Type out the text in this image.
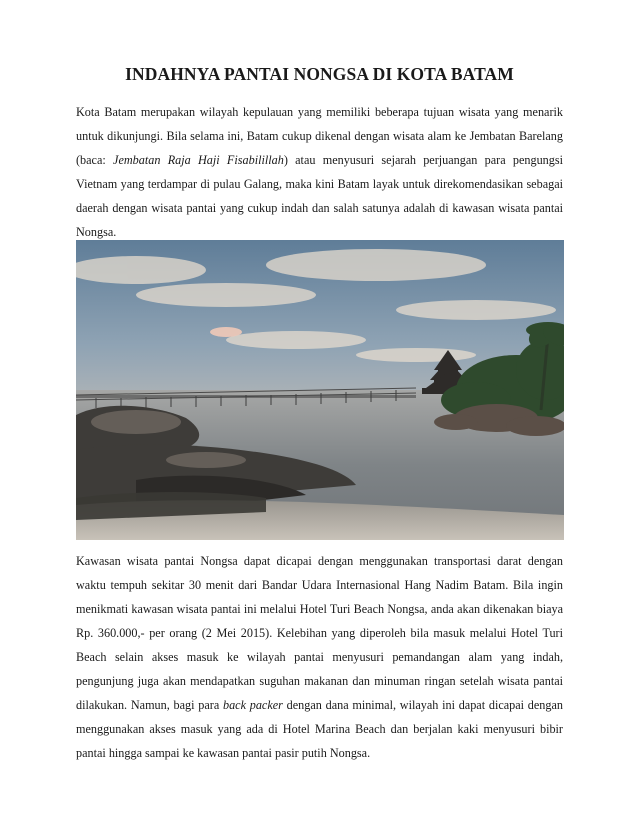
INDAHNYA PANTAI NONGSA DI KOTA BATAM

Kota Batam merupakan wilayah kepulauan yang memiliki beberapa tujuan wisata yang menarik untuk dikunjungi. Bila selama ini, Batam cukup dikenal dengan wisata alam ke Jembatan Barelang (baca: Jembatan Raja Haji Fisabilillah) atau menyusuri sejarah perjuangan para pengungsi Vietnam yang terdampar di pulau Galang, maka kini Batam layak untuk direkomendasikan sebagai daerah dengan wisata pantai yang cukup indah dan salah satunya adalah di kawasan wisata pantai Nongsa.

Kawasan wisata pantai Nongsa dapat dicapai dengan menggunakan transportasi darat dengan waktu tempuh sekitar 30 menit dari Bandar Udara Internasional Hang Nadim Batam. Bila ingin menikmati kawasan wisata pantai ini melalui Hotel Turi Beach Nongsa, anda akan dikenakan biaya Rp. 360.000,- per orang (2 Mei 2015). Kelebihan yang diperoleh bila masuk melalui Hotel Turi Beach selain akses masuk ke wilayah pantai menyusuri pemandangan alam yang indah, pengunjung juga akan mendapatkan suguhan makanan dan minuman ringan setelah wisata pantai dilakukan. Namun, bagi para back packer dengan dana minimal, wilayah ini dapat dicapai dengan menggunakan akses masuk yang ada di Hotel Marina Beach dan berjalan kaki menyusuri bibir pantai hingga sampai ke kawasan pantai pasir putih Nongsa.
